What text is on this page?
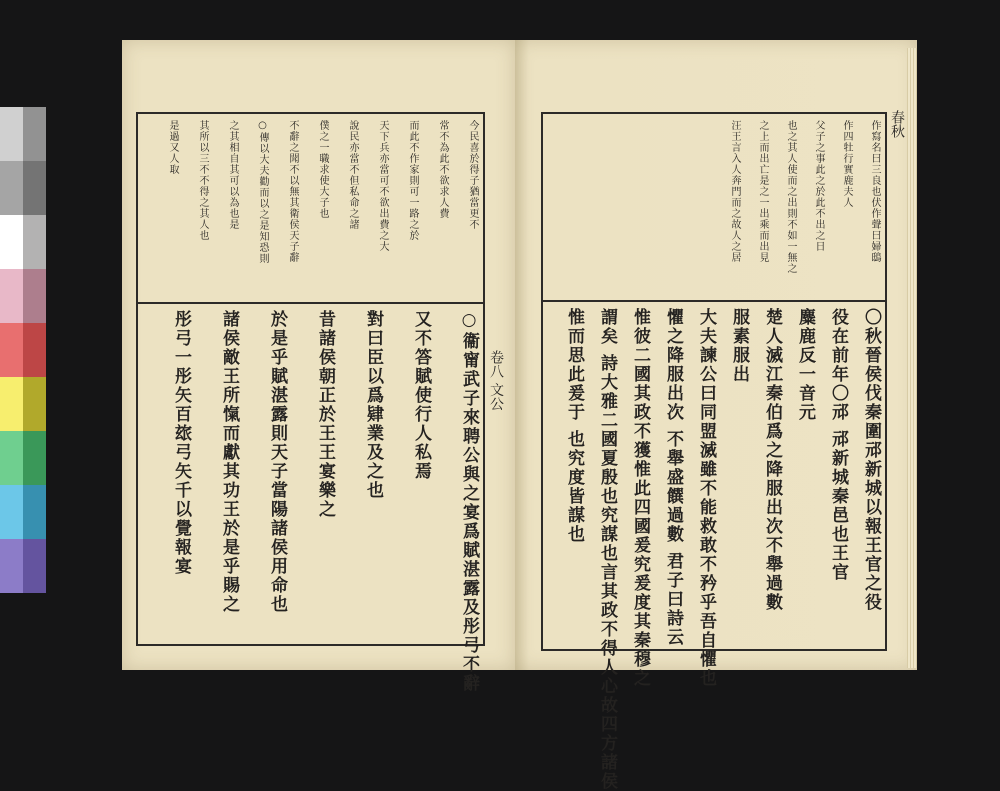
今民喜於得子猶當更不
常不為此不欲求人費
而此不作家則可一路之於
天下兵亦當可不欲出費之大
說民亦當不但私命之諸
僕之一職求使大子也
不辭之聞不以無其衛侯天子辭
○傳以大夫勸而以之是知恐則
之其相自其可以為也是
其所以三不不得之其人也
是過又人取
○衞甯武子來聘公與之宴爲賦湛露及彤弓不辭
又不答賦使行人私焉
對曰臣以爲肄業及之也
昔諸侯朝正於王王宴樂之
於是乎賦湛露則天子當陽諸侯用命也
諸侯敵王所愾而獻其功王於是乎賜之
彤弓一彤矢百玈弓矢千以覺報宴	卷八 文公
作寫名曰三良也伏作聲曰婦鴟
作四牡行實鹿夫人
父子之事此之於此不出之日
也之其人使而之出則不如一無之
之上而出亡是之一出乘而出見
汪王言入人奔門而之故人之居
〇秋晉侯伐秦圍邧新城以報王官之役
役在前年〇邧 邧新城秦邑也王官
麋鹿反一音元
楚人滅江秦伯爲之降服出次不舉過數
服素服出
大夫諫公曰同盟滅雖不能救敢不矜乎吾自懼也
懼之降服出次 不舉盛饌過數 君子曰詩云
惟彼二國其政不獲惟此四國爰究爰度其秦穆之
謂矣 詩大雅二國夏殷也究謀也言其政不得人心故四方諸侯
惟而思此爰于 也究度皆謀也
春秋
